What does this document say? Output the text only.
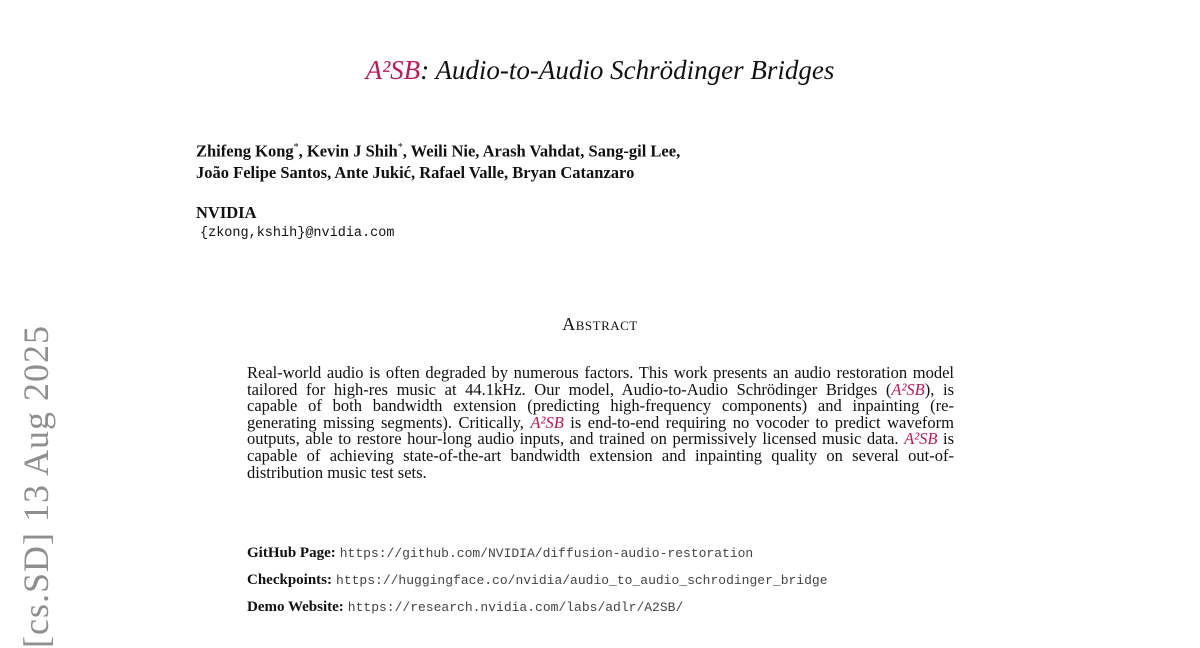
[cs.SD] 13 Aug 2025
A²SB: Audio-to-Audio Schrödinger Bridges
Zhifeng Kong*, Kevin J Shih*, Weili Nie, Arash Vahdat, Sang-gil Lee,
João Felipe Santos, Ante Jukić, Rafael Valle, Bryan Catanzaro
NVIDIA
{zkong,kshih}@nvidia.com
Abstract
Real-world audio is often degraded by numerous factors. This work presents an audio restoration model tailored for high-res music at 44.1kHz. Our model, Audio-to-Audio Schrödinger Bridges (A²SB), is capable of both bandwidth extension (predicting high-frequency components) and inpainting (re-generating missing segments). Critically, A²SB is end-to-end requiring no vocoder to predict waveform outputs, able to restore hour-long audio inputs, and trained on permissively licensed music data. A²SB is capable of achieving state-of-the-art bandwidth extension and inpainting quality on several out-of-distribution music test sets.
GitHub Page: https://github.com/NVIDIA/diffusion-audio-restoration
Checkpoints: https://huggingface.co/nvidia/audio_to_audio_schrodinger_bridge
Demo Website: https://research.nvidia.com/labs/adlr/A2SB/
